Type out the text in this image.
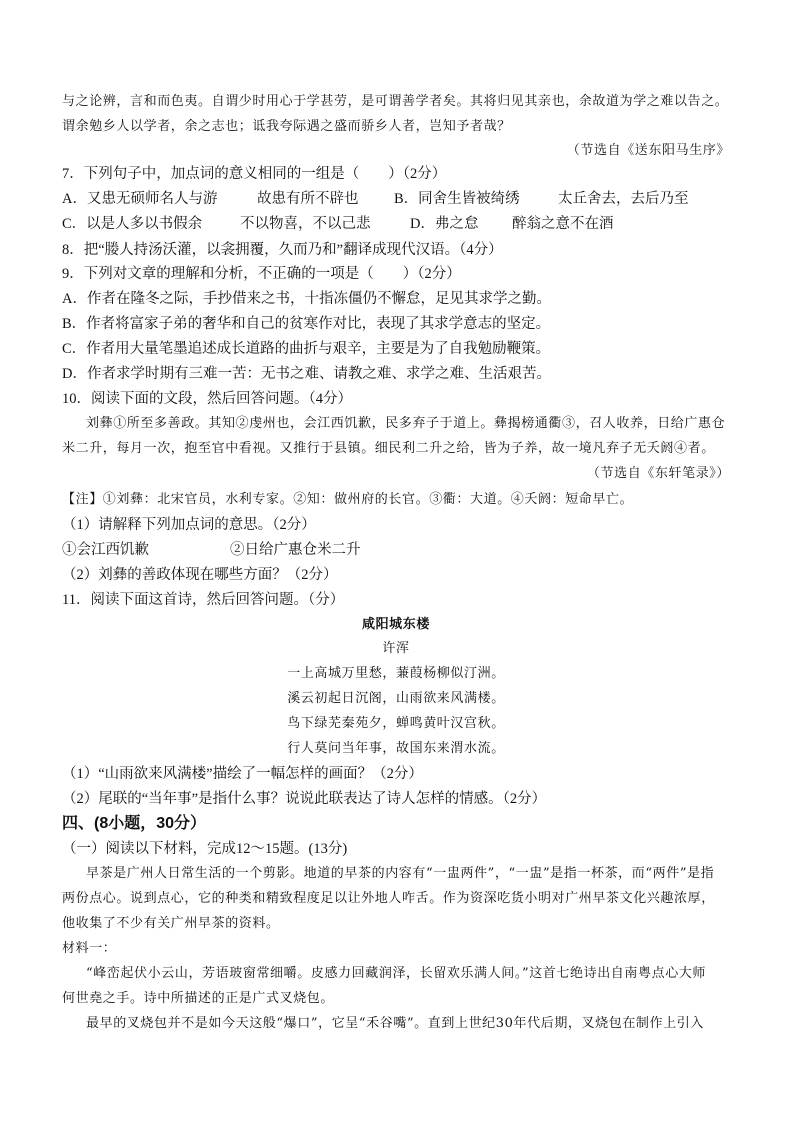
与之论辨，言和而色夷。自谓少时用心于学甚劳，是可谓善学者矣。其将归见其亲也，余故道为学之难以告之。
谓余勉乡人以学者，余之志也；诋我夸际遇之盛而骄乡人者，岂知予者哉？
（节选自《送东阳马生序》
7．下列句子中，加点词的意义相同的一组是（　　）（2分）
A．又患无硕师名人与游	故患有所不辟也 B．同舍生皆被绮绣	太丘舍去，去后乃至
C．以是人多以书假余	不以物喜，不以己悲	D．弗之怠 醉翁之意不在酒
8．把“媵人持汤沃灌，以衾拥覆，久而乃和”翻译成现代汉语。（4分）
9．下列对文章的理解和分析，不正确的一项是（　　）（2分）
A．作者在隆冬之际，手抄借来之书，十指冻僵仍不懈怠，足见其求学之勤。
B．作者将富家子弟的奢华和自己的贫寒作对比，表现了其求学意志的坚定。
C．作者用大量笔墨追述成长道路的曲折与艰辛，主要是为了自我勉励鞭策。
D．作者求学时期有三难一苦：无书之难、请教之难、求学之难、生活艰苦。
10．阅读下面的文段，然后回答问题。（4分）
刘彝①所至多善政。其知②虔州也，会江西饥歉，民多弃子于道上。彝揭榜通衢③，召人收养，日给广惠仓
米二升，每月一次，抱至官中看视。又推行于县镇。细民利二升之给，皆为子养，故一境凡弃子无夭阏④者。
（节选自《东轩笔录》）
【注】①刘彝：北宋官员，水利专家。②知：做州府的长官。③衢：大道。④夭阏：短命早亡。
（1）请解释下列加点词的意思。（2分）
①会江西饥歉	②日给广惠仓米二升
（2）刘彝的善政体现在哪些方面？（2分）
11．阅读下面这首诗，然后回答问题。（分）
咸阳城东楼
许浑
一上高城万里愁，蒹葭杨柳似汀洲。
溪云初起日沉阁，山雨欲来风满楼。
鸟下绿芜秦苑夕，蝉鸣黄叶汉宫秋。
行人莫问当年事，故国东来渭水流。
（1）“山雨欲来风满楼”描绘了一幅怎样的画面？（2分）
（2）尾联的“当年事”是指什么事？说说此联表达了诗人怎样的情感。（2分）
四、(8小题，30分）
（一）阅读以下材料，完成12～15题。(13分)
早茶是广州人日常生活的一个剪影。地道的早茶的内容有“一盅两件”，“一盅”是指一杯茶，而“两件”是指
两份点心。说到点心，它的种类和精致程度足以让外地人咋舌。作为资深吃货小明对广州早茶文化兴趣浓厚，
他收集了不少有关广州早茶的资料。
材料一：
“峰峦起伏小云山，芳语玻窗常细嚼。皮感力回藏润泽，长留欢乐满人间。”这首七绝诗出自南粤点心大师
何世堯之手。诗中所描述的正是广式叉烧包。
最早的叉烧包并不是如今天这般“爆口”，它呈“禾谷嘴”。直到上世纪30年代后期，叉烧包在制作上引入
